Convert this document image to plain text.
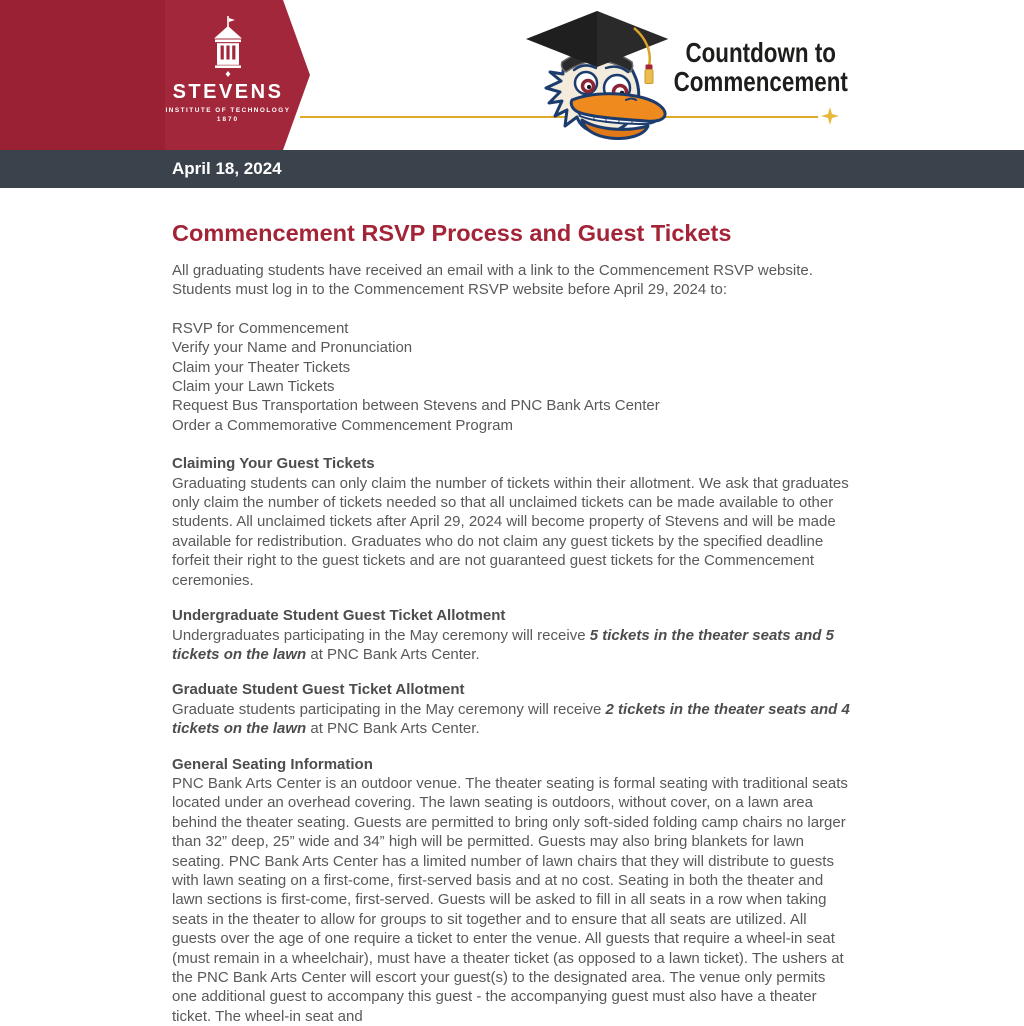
STEVENS
INSTITUTE OF TECHNOLOGY
1870
Countdown to
Commencement
April 18, 2024
Commencement RSVP Process and Guest Tickets

All graduating students have received an email with a link to the Commencement RSVP website. Students must log in to the Commencement RSVP website before April 29, 2024 to:

RSVP for Commencement
Verify your Name and Pronunciation
Claim your Theater Tickets
Claim your Lawn Tickets
Request Bus Transportation between Stevens and PNC Bank Arts Center
Order a Commemorative Commencement Program
Claiming Your Guest Tickets

Graduating students can only claim the number of tickets within their allotment. We ask that graduates only claim the number of tickets needed so that all unclaimed tickets can be made available to other students. All unclaimed tickets after April 29, 2024 will become property of Stevens and will be made available for redistribution. Graduates who do not claim any guest tickets by the specified deadline forfeit their right to the guest tickets and are not guaranteed guest tickets for the Commencement ceremonies.

Undergraduate Student Guest Ticket Allotment

Undergraduates participating in the May ceremony will receive 5 tickets in the theater seats and 5 tickets on the lawn at PNC Bank Arts Center.

Graduate Student Guest Ticket Allotment

Graduate students participating in the May ceremony will receive 2 tickets in the theater seats and 4 tickets on the lawn at PNC Bank Arts Center.

General Seating Information

PNC Bank Arts Center is an outdoor venue. The theater seating is formal seating with traditional seats located under an overhead covering. The lawn seating is outdoors, without cover, on a lawn area behind the theater seating. Guests are permitted to bring only soft-sided folding camp chairs no larger than 32” deep, 25” wide and 34” high will be permitted. Guests may also bring blankets for lawn seating. PNC Bank Arts Center has a limited number of lawn chairs that they will distribute to guests with lawn seating on a first-come, first-served basis and at no cost. Seating in both the theater and lawn sections is first-come, first-served. Guests will be asked to fill in all seats in a row when taking seats in the theater to allow for groups to sit together and to ensure that all seats are utilized. All guests over the age of one require a ticket to enter the venue. All guests that require a wheel-in seat (must remain in a wheelchair), must have a theater ticket (as opposed to a lawn ticket). The ushers at the PNC Bank Arts Center will escort your guest(s) to the designated area. The venue only permits one additional guest to accompany this guest - the accompanying guest must also have a theater ticket. The wheel-in seat and
